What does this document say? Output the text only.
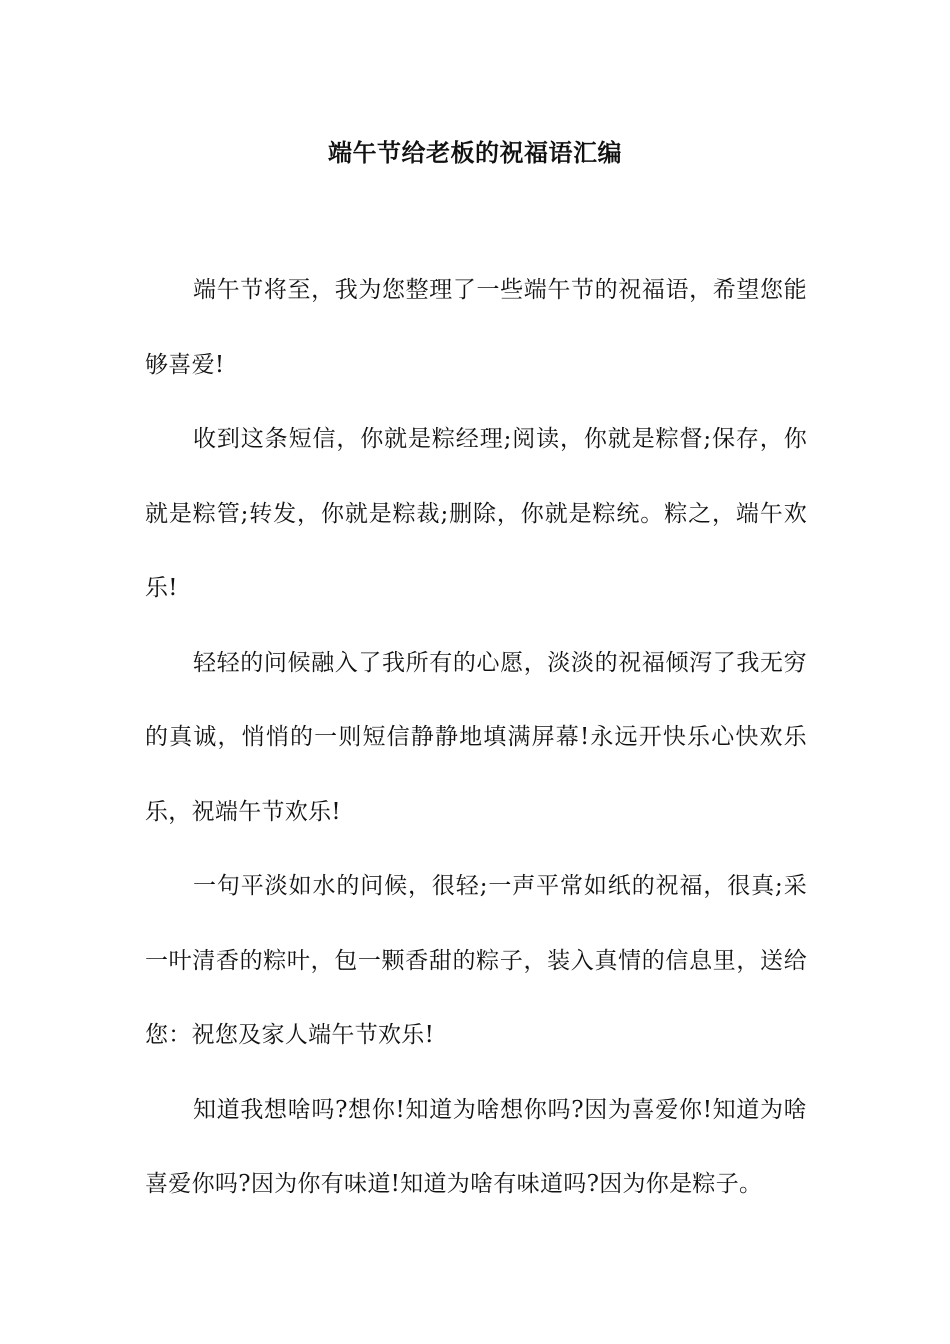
端午节给老板的祝福语汇编

端午节将至，我为您整理了一些端午节的祝福语，希望您能够喜爱!

收到这条短信，你就是粽经理;阅读，你就是粽督;保存，你就是粽管;转发，你就是粽裁;删除，你就是粽统。粽之，端午欢乐!

轻轻的问候融入了我所有的心愿，淡淡的祝福倾泻了我无穷的真诚，悄悄的一则短信静静地填满屏幕!永远开快乐心快欢乐乐，祝端午节欢乐!

一句平淡如水的问候，很轻;一声平常如纸的祝福，很真;采一叶清香的粽叶，包一颗香甜的粽子，装入真情的信息里，送给您：祝您及家人端午节欢乐!

知道我想啥吗?想你!知道为啥想你吗?因为喜爱你!知道为啥喜爱你吗?因为你有味道!知道为啥有味道吗?因为你是粽子。
